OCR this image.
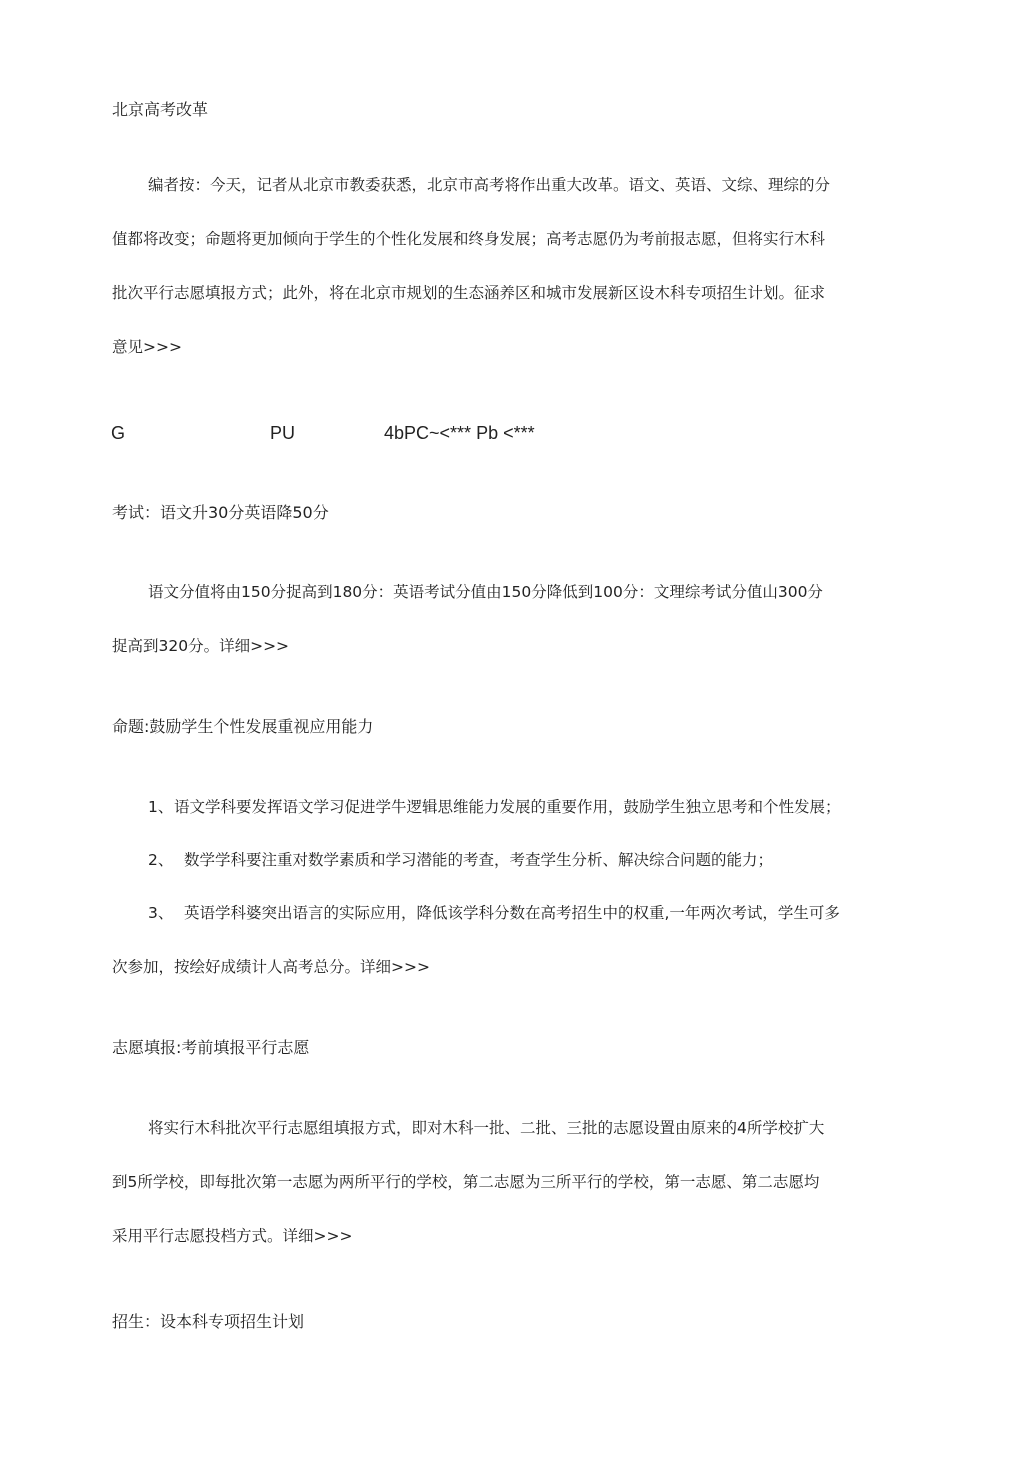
北京高考改革

编者按：今天，记者从北京市教委获悉，北京市高考将作出重大改革。语文、英语、文综、理综的分

值都将改变；命题将更加倾向于学生的个性化发展和终身发展；高考志愿仍为考前报志愿，但将实行木科

批次平行志愿填报方式；此外，将在北京市规划的生态涵养区和城市发展新区设木科专项招生计划。征求

意见>>>

G	PU	4bPC~<*** Pb <***

考试：语文升30分英语降50分

语文分值将由150分捉高到180分：英语考试分值由150分降低到100分：文理综考试分值山300分

捉高到320分。详细>>>

命题:鼓励学生个性发展重视应用能力

1、语文学科要发挥语文学习促进学牛逻辑思维能力发展的重要作用，鼓励学生独立思考和个性发展；

2、 数学学科要注重对数学素质和学习潜能的考查，考查学生分析、解决综合问题的能力；

3、 英语学科婆突出语言的实际应用，降低该学科分数在高考招生中的权重,一年两次考试，学生可多

次参加，按绘好成绩计人高考总分。详细>>>

志愿填报:考前填报平行志愿

将实行木科批次平行志愿组填报方式，即对木科一批、二批、三批的志愿设置由原来的4所学校扩大

到5所学校，即每批次第一志愿为两所平行的学校，第二志愿为三所平行的学校，第一志愿、第二志愿均

采用平行志愿投档方式。详细>>>

招生：设本科专项招生计划
